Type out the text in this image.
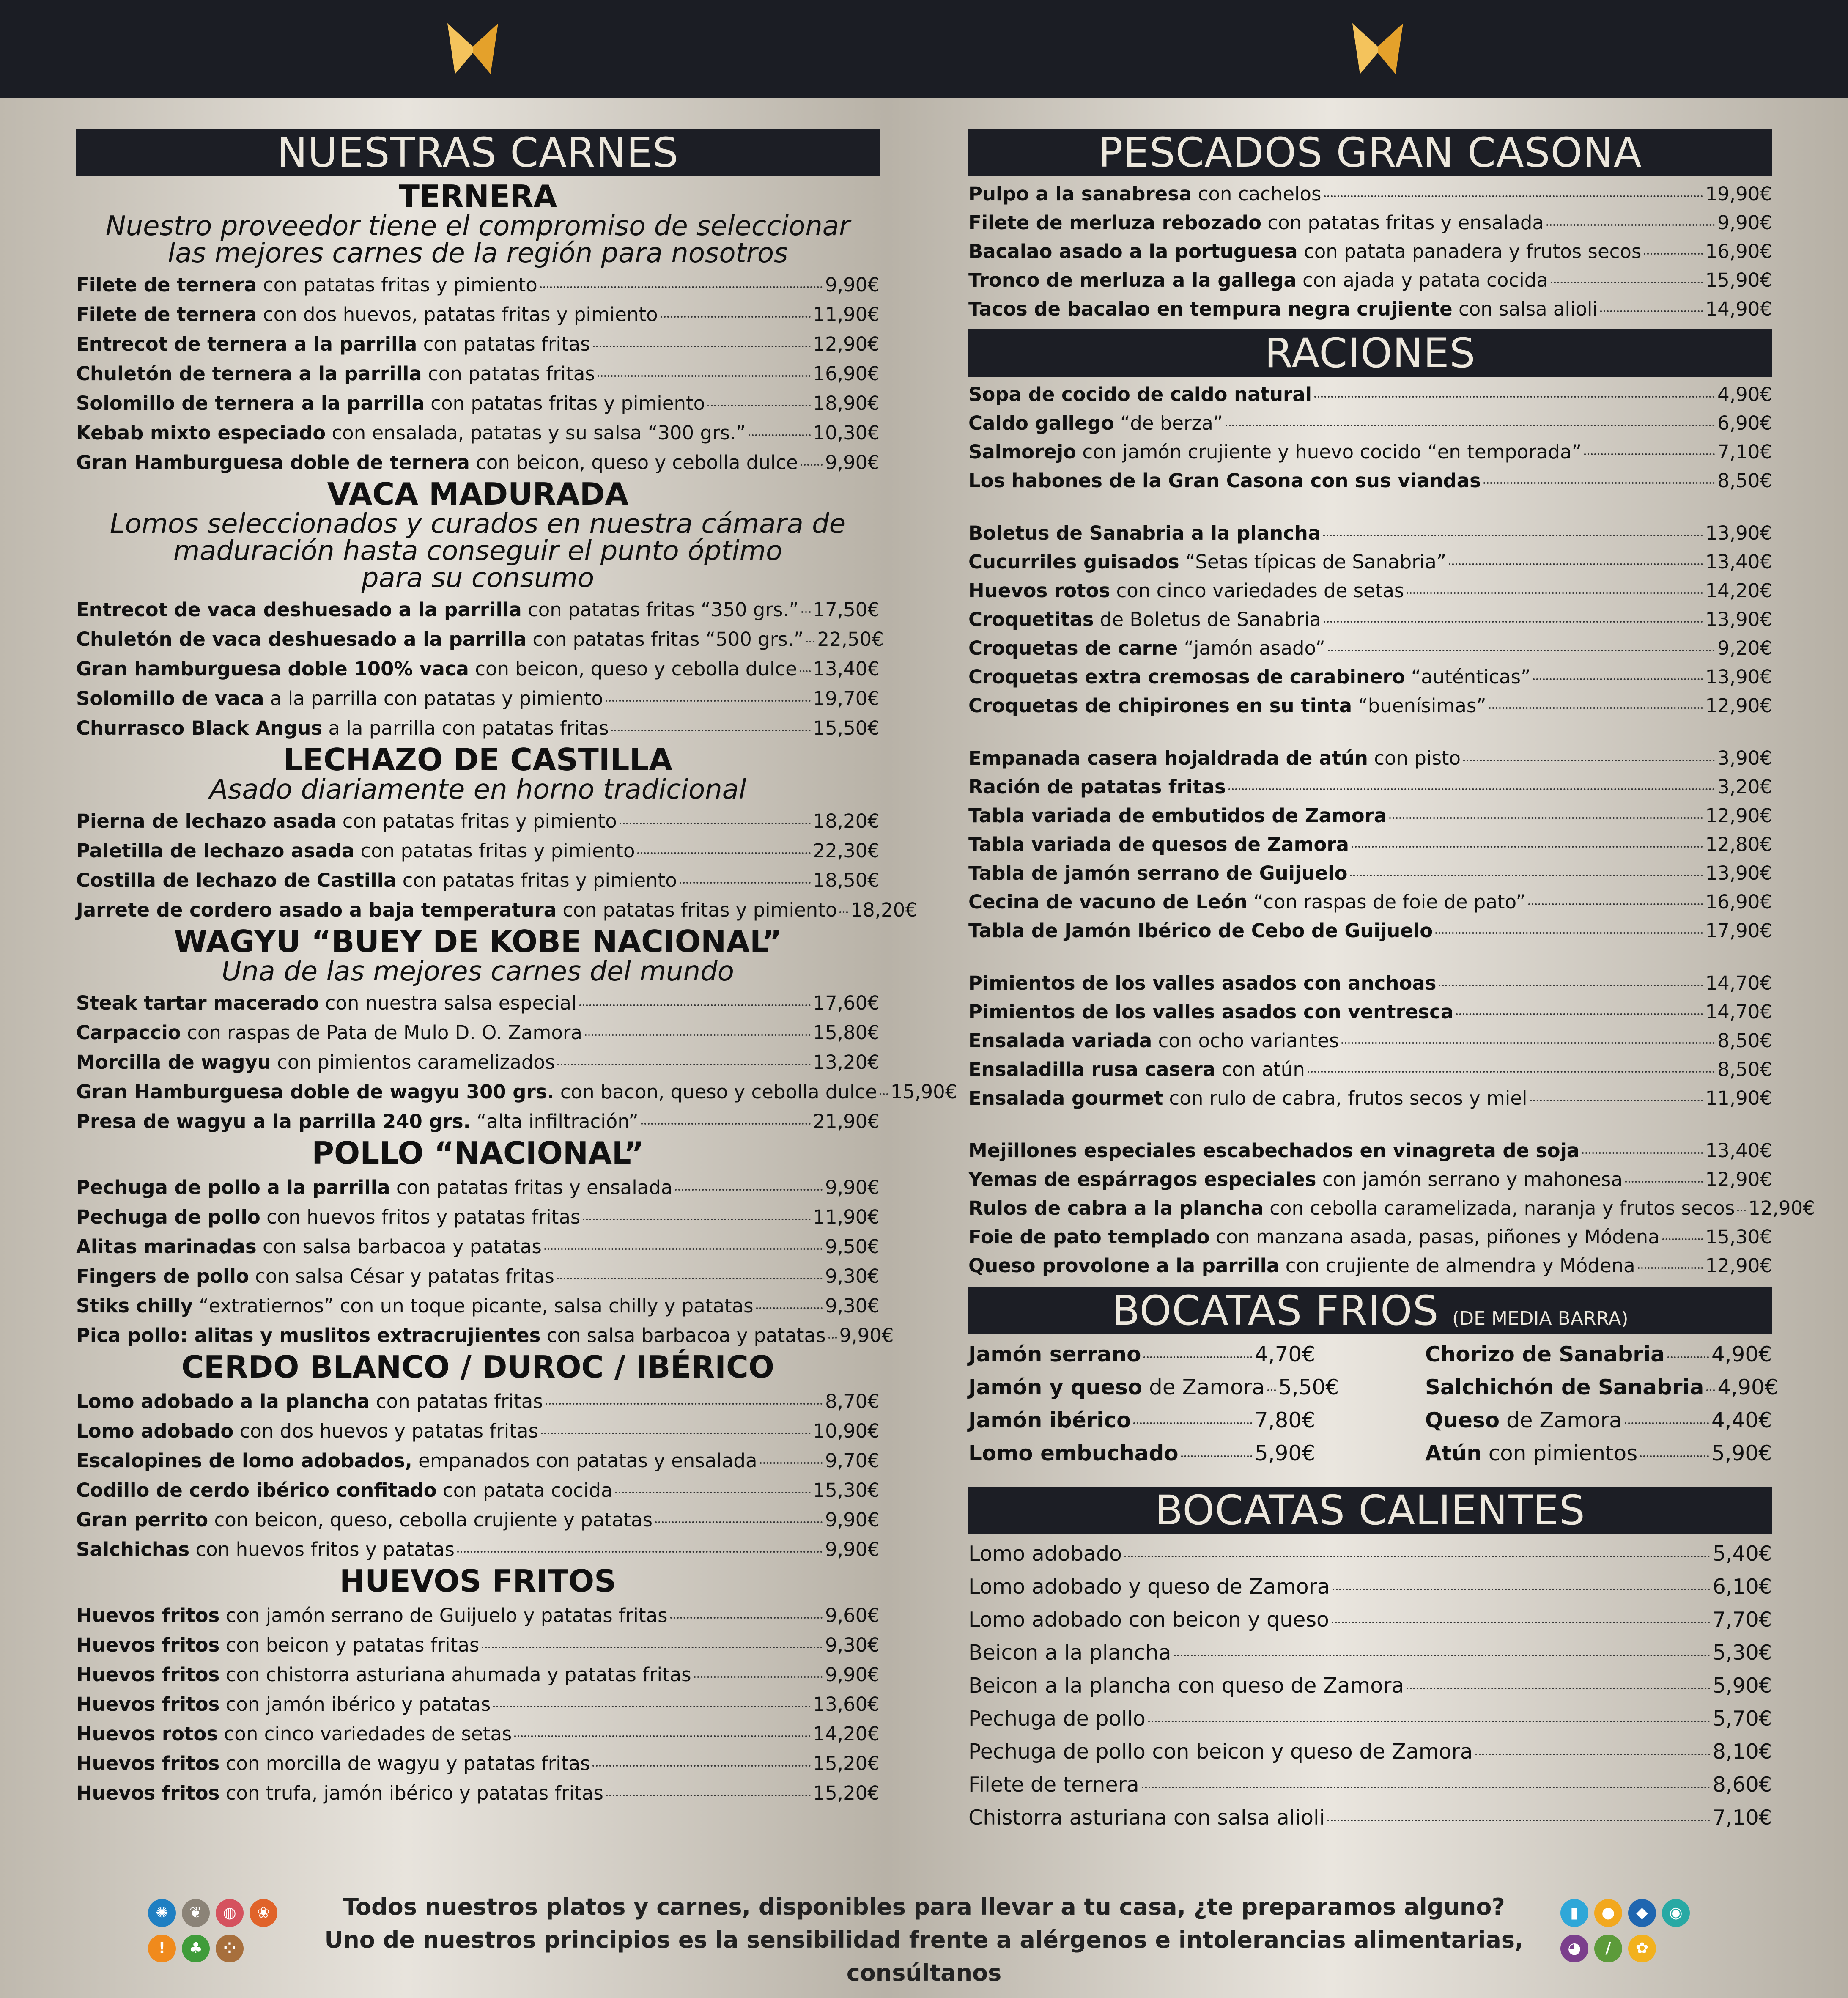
NUESTRAS CARNES
TERNERA
Nuestro proveedor tiene el compromiso de seleccionar
las mejores carnes de la región para nosotros
Filete de ternera con patatas fritas y pimiento	9,90€
Filete de ternera con dos huevos, patatas fritas y pimiento	11,90€
Entrecot de ternera a la parrilla con patatas fritas	12,90€
Chuletón de ternera a la parrilla con patatas fritas	16,90€
Solomillo de ternera a la parrilla con patatas fritas y pimiento	18,90€
Kebab mixto especiado con ensalada, patatas y su salsa “300 grs.”	10,30€
Gran Hamburguesa doble de ternera con beicon, queso y cebolla dulce 9,90€
VACA MADURADA
Lomos seleccionados y curados en nuestra cámara de
maduración hasta conseguir el punto óptimo
para su consumo
Entrecot de vaca deshuesado a la parrilla con patatas fritas “350 grs.” 17,50€
Chuletón de vaca deshuesado a la parrilla con patatas fritas “500 grs.” 22,50€
Gran hamburguesa doble 100% vaca con beicon, queso y cebolla dulce 13,40€
Solomillo de vaca a la parrilla con patatas y pimiento	19,70€
Churrasco Black Angus a la parrilla con patatas fritas	15,50€
LECHAZO DE CASTILLA
Asado diariamente en horno tradicional
Pierna de lechazo asada con patatas fritas y pimiento	18,20€
Paletilla de lechazo asada con patatas fritas y pimiento	22,30€
Costilla de lechazo de Castilla con patatas fritas y pimiento	18,50€
Jarrete de cordero asado a baja temperatura con patatas fritas y pimiento 18,20€
WAGYU “BUEY DE KOBE NACIONAL”
Una de las mejores carnes del mundo
Steak tartar macerado con nuestra salsa especial	17,60€
Carpaccio con raspas de Pata de Mulo D. O. Zamora	15,80€
Morcilla de wagyu con pimientos caramelizados	13,20€
Gran Hamburguesa doble de wagyu 300 grs. con bacon, queso y cebolla dulce 15,90€
Presa de wagyu a la parrilla 240 grs. “alta infiltración”	21,90€
POLLO “NACIONAL”
Pechuga de pollo a la parrilla con patatas fritas y ensalada	9,90€
Pechuga de pollo con huevos fritos y patatas fritas	11,90€
Alitas marinadas con salsa barbacoa y patatas	9,50€
Fingers de pollo con salsa César y patatas fritas	9,30€
Stiks chilly “extratiernos” con un toque picante, salsa chilly y patatas	9,30€
Pica pollo: alitas y muslitos extracrujientes con salsa barbacoa y patatas 9,90€
CERDO BLANCO / DUROC / IBÉRICO
Lomo adobado a la plancha con patatas fritas	8,70€
Lomo adobado con dos huevos y patatas fritas	10,90€
Escalopines de lomo adobados, empanados con patatas y ensalada	9,70€
Codillo de cerdo ibérico confitado con patata cocida	15,30€
Gran perrito con beicon, queso, cebolla crujiente y patatas	9,90€
Salchichas con huevos fritos y patatas	9,90€
HUEVOS FRITOS
Huevos fritos con jamón serrano de Guijuelo y patatas fritas	9,60€
Huevos fritos con beicon y patatas fritas	9,30€
Huevos fritos con chistorra asturiana ahumada y patatas fritas	9,90€
Huevos fritos con jamón ibérico y patatas	13,60€
Huevos rotos con cinco variedades de setas	14,20€
Huevos fritos con morcilla de wagyu y patatas fritas	15,20€
Huevos fritos con trufa, jamón ibérico y patatas fritas	15,20€
PESCADOS GRAN CASONA
Pulpo a la sanabresa con cachelos	19,90€
Filete de merluza rebozado con patatas fritas y ensalada	9,90€
Bacalao asado a la portuguesa con patata panadera y frutos secos	16,90€
Tronco de merluza a la gallega con ajada y patata cocida	15,90€
Tacos de bacalao en tempura negra crujiente con salsa alioli	14,90€
RACIONES
Sopa de cocido de caldo natural	4,90€
Caldo gallego “de berza”	6,90€
Salmorejo con jamón crujiente y huevo cocido “en temporada”	7,10€
Los habones de la Gran Casona con sus viandas	8,50€
Boletus de Sanabria a la plancha	13,90€
Cucurriles guisados “Setas típicas de Sanabria”	13,40€
Huevos rotos con cinco variedades de setas	14,20€
Croquetitas de Boletus de Sanabria	13,90€
Croquetas de carne “jamón asado”	9,20€
Croquetas extra cremosas de carabinero “auténticas”	13,90€
Croquetas de chipirones en su tinta “buenísimas”	12,90€
Empanada casera hojaldrada de atún con pisto	3,90€
Ración de patatas fritas	3,20€
Tabla variada de embutidos de Zamora	12,90€
Tabla variada de quesos de Zamora	12,80€
Tabla de jamón serrano de Guijuelo	13,90€
Cecina de vacuno de León “con raspas de foie de pato”	16,90€
Tabla de Jamón Ibérico de Cebo de Guijuelo	17,90€
Pimientos de los valles asados con anchoas	14,70€
Pimientos de los valles asados con ventresca	14,70€
Ensalada variada con ocho variantes	8,50€
Ensaladilla rusa casera con atún	8,50€
Ensalada gourmet con rulo de cabra, frutos secos y miel	11,90€
Mejillones especiales escabechados en vinagreta de soja	13,40€
Yemas de espárragos especiales con jamón serrano y mahonesa	12,90€
Rulos de cabra a la plancha con cebolla caramelizada, naranja y frutos secos 12,90€
Foie de pato templado con manzana asada, pasas, piñones y Módena 15,30€
Queso provolone a la parrilla con crujiente de almendra y Módena	12,90€
BOCATAS FRIOS (DE MEDIA BARRA)
Jamón serrano	4,70€
Jamón y queso de Zamora 5,50€
Jamón ibérico	7,80€
Lomo embuchado	5,90€
Chorizo de Sanabria 4,90€
Salchichón de Sanabria 4,90€
Queso de Zamora	4,40€
Atún con pimientos	5,90€
BOCATAS CALIENTES
Lomo adobado	5,40€
Lomo adobado y queso de Zamora	6,10€
Lomo adobado con beicon y queso	7,70€
Beicon a la plancha	5,30€
Beicon a la plancha con queso de Zamora	5,90€
Pechuga de pollo	5,70€
Pechuga de pollo con beicon y queso de Zamora	8,10€
Filete de ternera	8,60€
Chistorra asturiana con salsa alioli	7,10€
✺	❦	◍	❀
!	♣	⁘
Todos nuestros platos y carnes, disponibles para llevar a tu casa, ¿te preparamos alguno?
Uno de nuestros principios es la sensibilidad frente a alérgenos e intolerancias alimentarias, consúltanos
▮	●	◆	◉
◕	∕	✿
